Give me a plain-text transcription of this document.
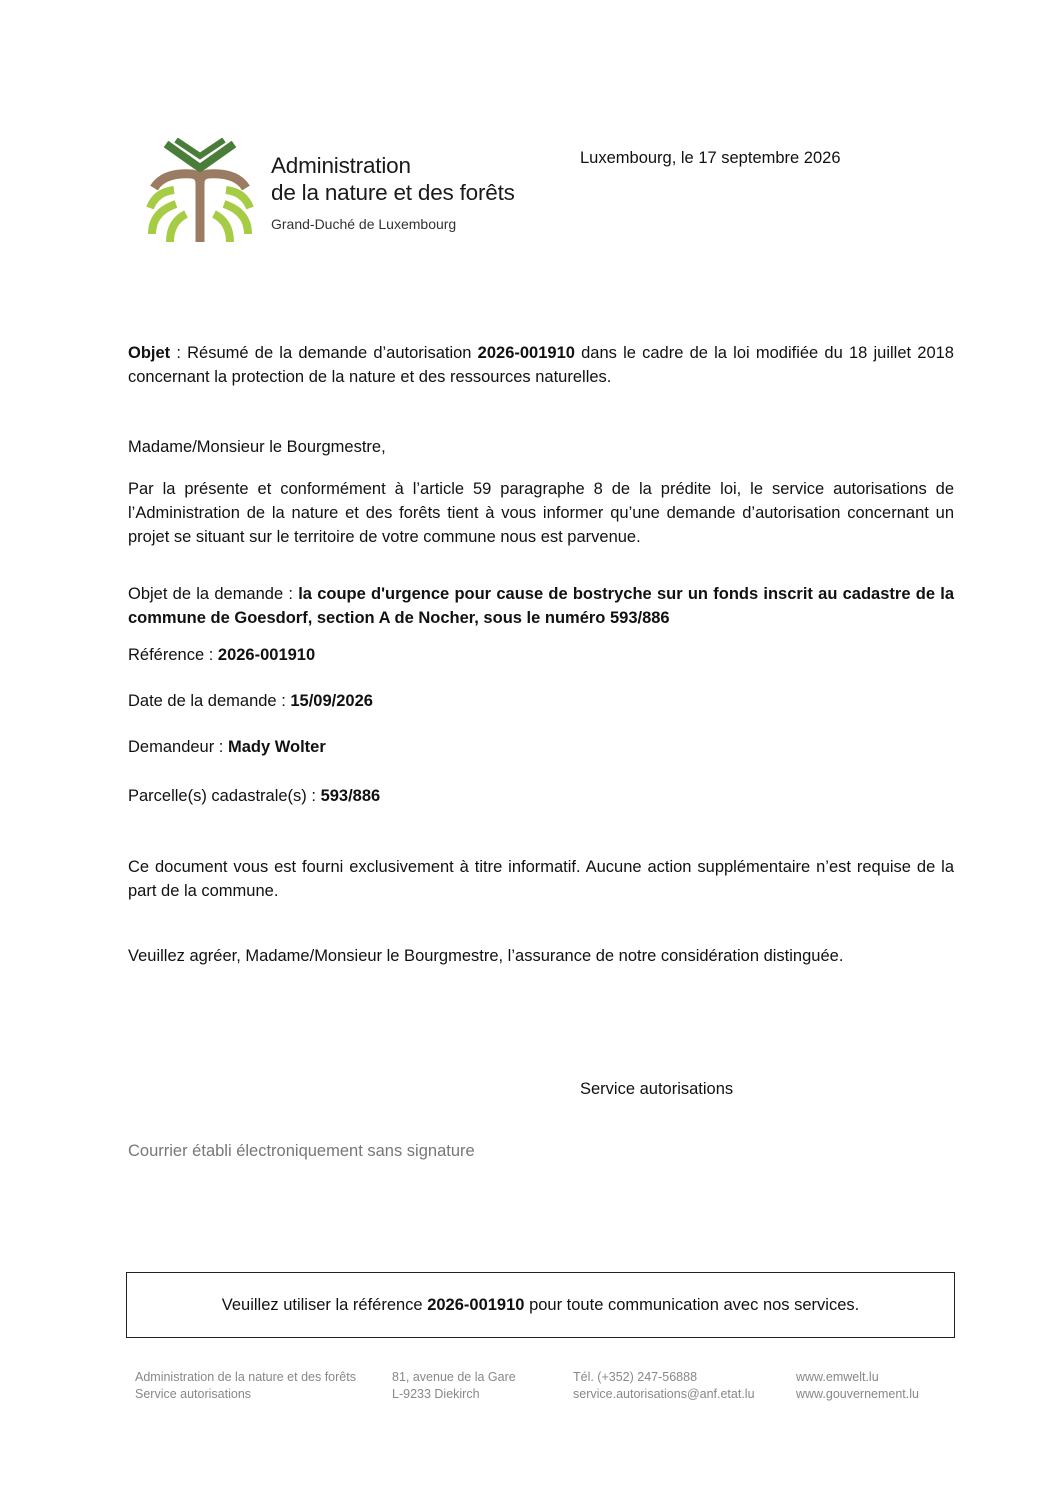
Administration
de la nature et des forêts
Grand-Duché de Luxembourg
Luxembourg, le 17 septembre 2026
Objet : Résumé de la demande d’autorisation 2026-001910 dans le cadre de la loi modifiée du 18 juillet 2018 concernant la protection de la nature et des ressources naturelles.
Madame/Monsieur le Bourgmestre,
Par la présente et conformément à l’article 59 paragraphe 8 de la prédite loi, le service autorisations de l’Administration de la nature et des forêts tient à vous informer qu’une demande d’autorisation concernant un projet se situant sur le territoire de votre commune nous est parvenue.
Objet de la demande : la coupe d'urgence pour cause de bostryche sur un fonds inscrit au cadastre de la commune de Goesdorf, section A de Nocher, sous le numéro 593/886
Référence : 2026-001910
Date de la demande : 15/09/2026
Demandeur : Mady Wolter
Parcelle(s) cadastrale(s) : 593/886
Ce document vous est fourni exclusivement à titre informatif. Aucune action supplémentaire n’est requise de la part de la commune.
Veuillez agréer, Madame/Monsieur le Bourgmestre, l’assurance de notre considération distinguée.
Service autorisations
Courrier établi électroniquement sans signature
Veuillez utiliser la référence
2026-001910
pour toute communication avec nos services.
Administration de la nature et des forêts
Service autorisations
81, avenue de la Gare
L-9233 Diekirch
Tél. (+352) 247-56888
service.autorisations@anf.etat.lu
www.emwelt.lu
www.gouvernement.lu
